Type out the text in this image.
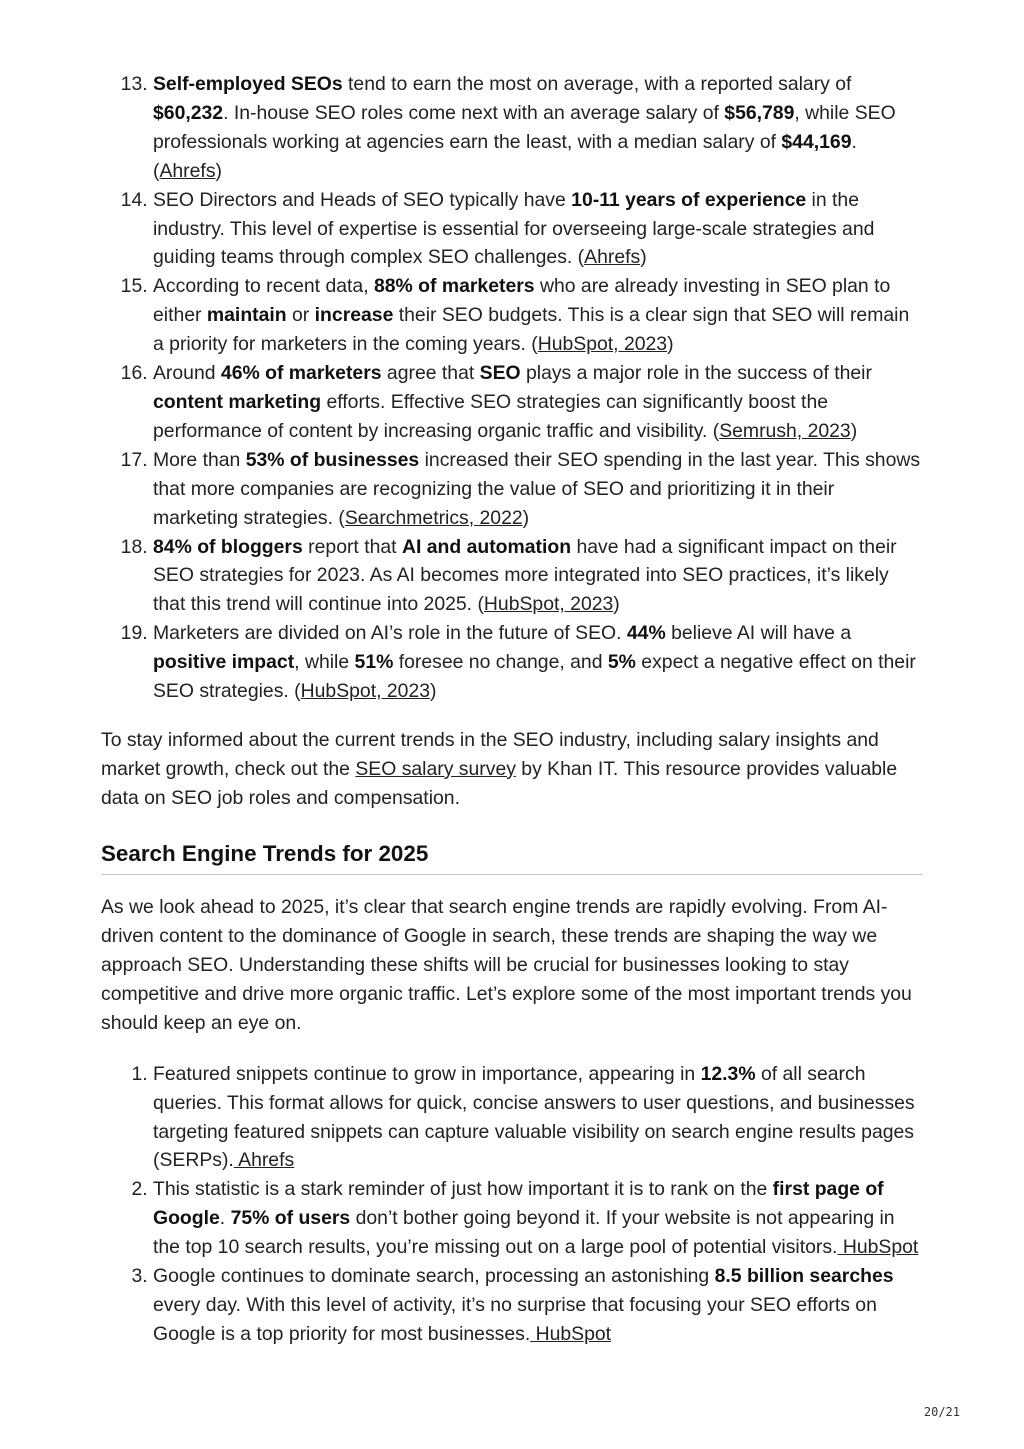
13. Self-employed SEOs tend to earn the most on average, with a reported salary of $60,232. In-house SEO roles come next with an average salary of $56,789, while SEO professionals working at agencies earn the least, with a median salary of $44,169. (Ahrefs)
14. SEO Directors and Heads of SEO typically have 10-11 years of experience in the industry. This level of expertise is essential for overseeing large-scale strategies and guiding teams through complex SEO challenges. (Ahrefs)
15. According to recent data, 88% of marketers who are already investing in SEO plan to either maintain or increase their SEO budgets. This is a clear sign that SEO will remain a priority for marketers in the coming years. (HubSpot, 2023)
16. Around 46% of marketers agree that SEO plays a major role in the success of their content marketing efforts. Effective SEO strategies can significantly boost the performance of content by increasing organic traffic and visibility. (Semrush, 2023)
17. More than 53% of businesses increased their SEO spending in the last year. This shows that more companies are recognizing the value of SEO and prioritizing it in their marketing strategies. (Searchmetrics, 2022)
18. 84% of bloggers report that AI and automation have had a significant impact on their SEO strategies for 2023. As AI becomes more integrated into SEO practices, it’s likely that this trend will continue into 2025. (HubSpot, 2023)
19. Marketers are divided on AI’s role in the future of SEO. 44% believe AI will have a positive impact, while 51% foresee no change, and 5% expect a negative effect on their SEO strategies. (HubSpot, 2023)

To stay informed about the current trends in the SEO industry, including salary insights and market growth, check out the SEO salary survey by Khan IT. This resource provides valuable data on SEO job roles and compensation.

Search Engine Trends for 2025

As we look ahead to 2025, it’s clear that search engine trends are rapidly evolving. From AI-driven content to the dominance of Google in search, these trends are shaping the way we approach SEO. Understanding these shifts will be crucial for businesses looking to stay competitive and drive more organic traffic. Let’s explore some of the most important trends you should keep an eye on.

1. Featured snippets continue to grow in importance, appearing in 12.3% of all search queries. This format allows for quick, concise answers to user questions, and businesses targeting featured snippets can capture valuable visibility on search engine results pages (SERPs). Ahrefs
2. This statistic is a stark reminder of just how important it is to rank on the first page of Google. 75% of users don’t bother going beyond it. If your website is not appearing in the top 10 search results, you’re missing out on a large pool of potential visitors. HubSpot
3. Google continues to dominate search, processing an astonishing 8.5 billion searches every day. With this level of activity, it’s no surprise that focusing your SEO efforts on Google is a top priority for most businesses. HubSpot
20/21
